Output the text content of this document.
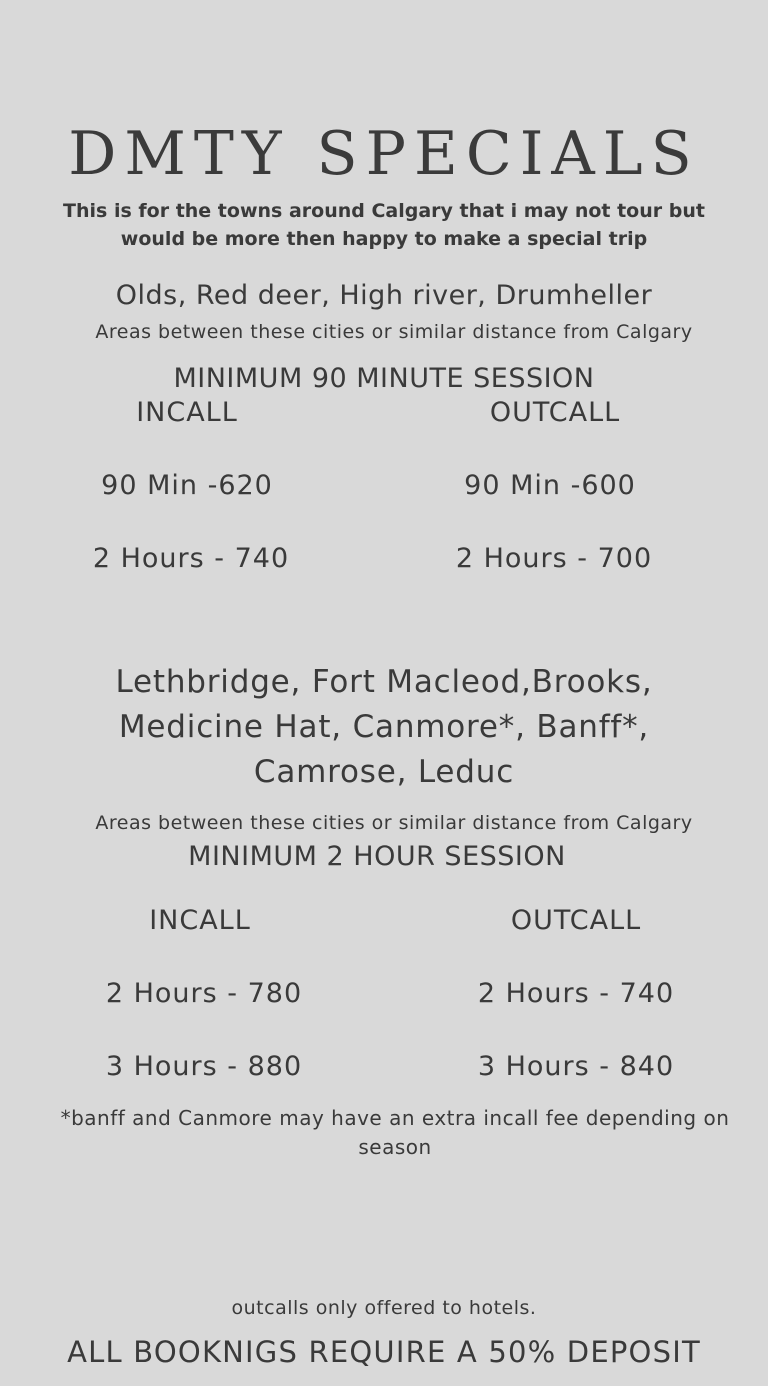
DMTY SPECIALS
This is for the towns around Calgary that i may not tour but
would be more then happy to make a special trip
Olds, Red deer, High river, Drumheller
Areas between these cities or similar distance from Calgary
MINIMUM 90 MINUTE SESSION
INCALL	OUTCALL
90 Min -620	90 Min -600
2 Hours - 740	2 Hours - 700
Lethbridge, Fort Macleod,Brooks,
Medicine Hat, Canmore*, Banff*,
Camrose, Leduc
Areas between these cities or similar distance from Calgary
MINIMUM 2 HOUR SESSION
INCALL	OUTCALL
2 Hours - 780	2 Hours - 740
3 Hours - 880	3 Hours - 840
*banff and Canmore may have an extra incall fee depending on season
outcalls only offered to hotels.
ALL BOOKNIGS REQUIRE A 50% DEPOSIT
